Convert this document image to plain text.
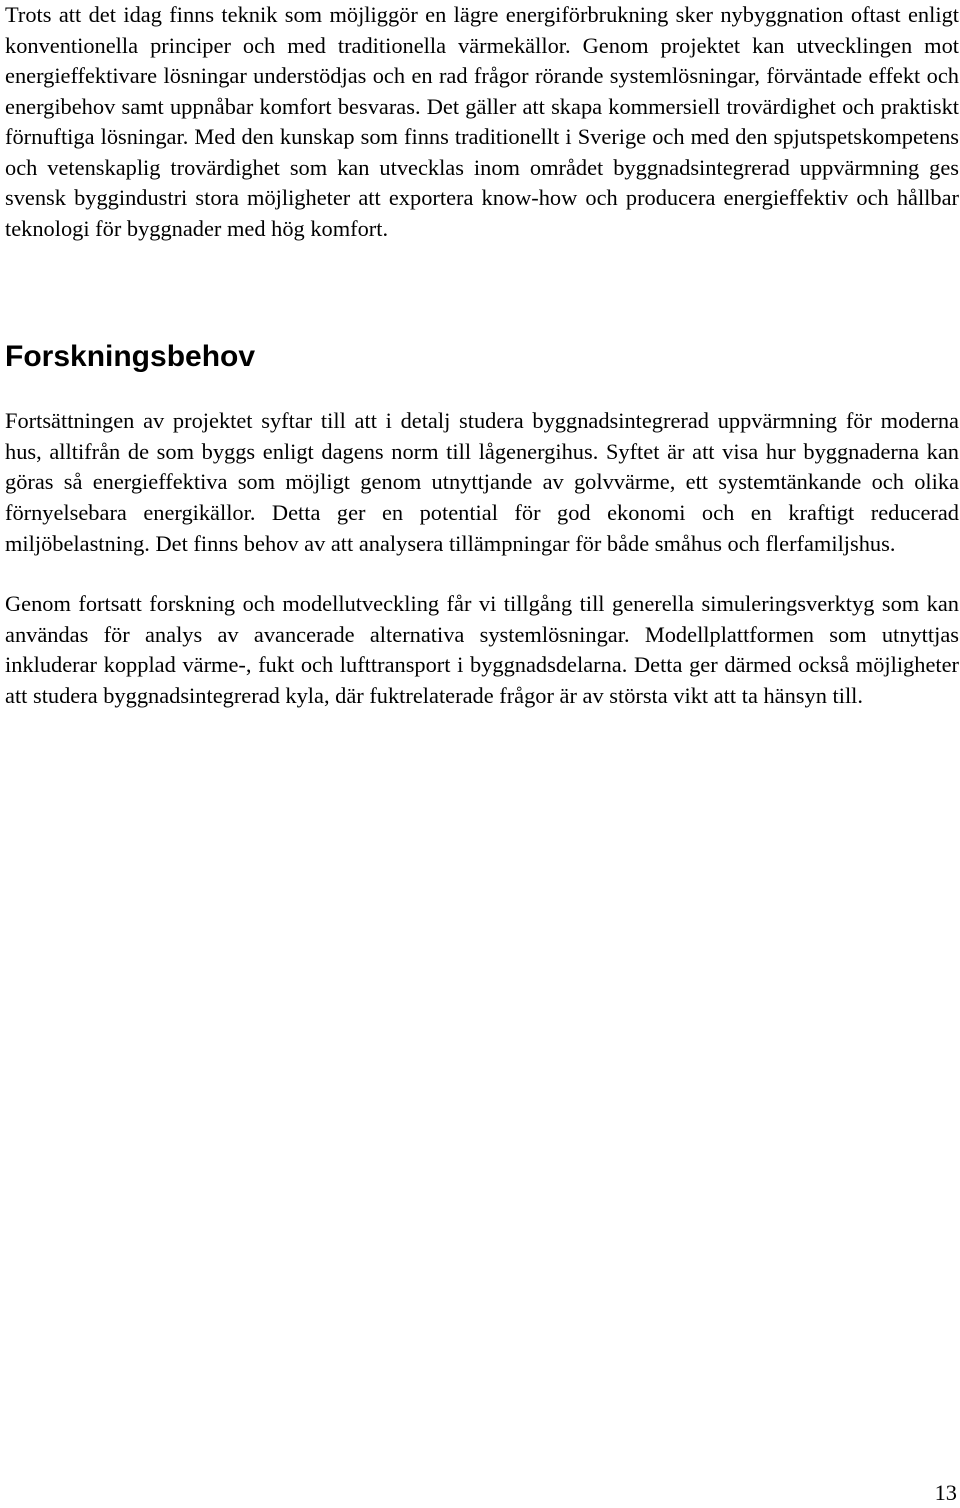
Trots att det idag finns teknik som möjliggör en lägre energiförbrukning sker nybyggnation oftast enligt konventionella principer och med traditionella värmekällor. Genom projektet kan utvecklingen mot energieffektivare lösningar understödjas och en rad frågor rörande systemlösningar, förväntade effekt och energibehov samt uppnåbar komfort besvaras. Det gäller att skapa kommersiell trovärdighet och praktiskt förnuftiga lösningar. Med den kunskap som finns traditionellt i Sverige och med den spjutspetskompetens och vetenskaplig trovärdighet som kan utvecklas inom området byggnadsintegrerad uppvärmning ges svensk byggindustri stora möjligheter att exportera know-how och producera energieffektiv och hållbar teknologi för byggnader med hög komfort.

Forskningsbehov

Fortsättningen av projektet syftar till att i detalj studera byggnadsintegrerad uppvärmning för moderna hus, alltifrån de som byggs enligt dagens norm till lågenergihus. Syftet är att visa hur byggnaderna kan göras så energieffektiva som möjligt genom utnyttjande av golvvärme, ett systemtänkande och olika förnyelsebara energikällor. Detta ger en potential för god ekonomi och en kraftigt reducerad miljöbelastning. Det finns behov av att analysera tillämpningar för både småhus och flerfamiljshus.

Genom fortsatt forskning och modellutveckling får vi tillgång till generella simuleringsverktyg som kan användas för analys av avancerade alternativa systemlösningar. Modellplattformen som utnyttjas inkluderar kopplad värme-, fukt och lufttransport i byggnadsdelarna. Detta ger därmed också möjligheter att studera byggnadsintegrerad kyla, där fuktrelaterade frågor är av största vikt att ta hänsyn till.

13
